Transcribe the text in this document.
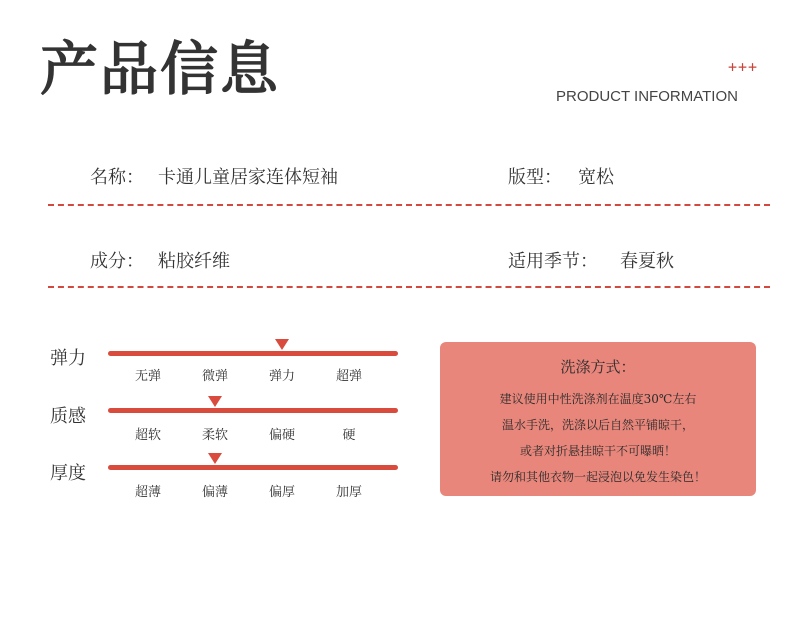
产品信息	+++
PRODUCT INFORMATION
名称： 卡通儿童居家连体短袖	版型： 宽松
成分： 粘胶纤维	适用季节： 春夏秋
弹力
无弹	微弹	弹力	超弹
质感
超软	柔软	偏硬	硬
厚度
超薄	偏薄	偏厚	加厚
洗涤方式：
建议使用中性洗涤剂在温度30℃左右
温水手洗，洗涤以后自然平铺晾干，
或者对折悬挂晾干不可曝晒！
请勿和其他衣物一起浸泡以免发生染色！
